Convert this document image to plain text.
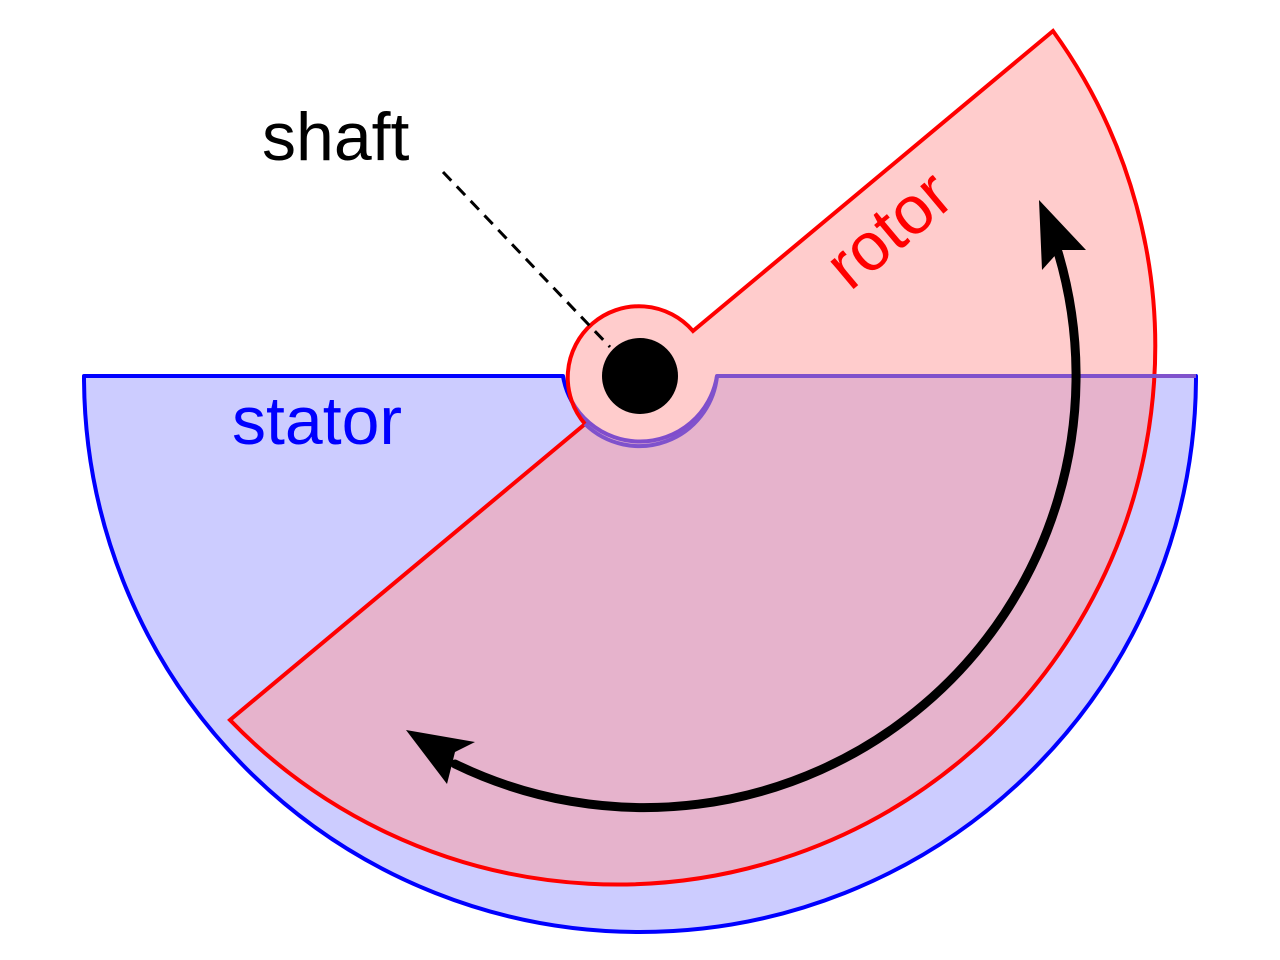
shaft
stator
rotor
